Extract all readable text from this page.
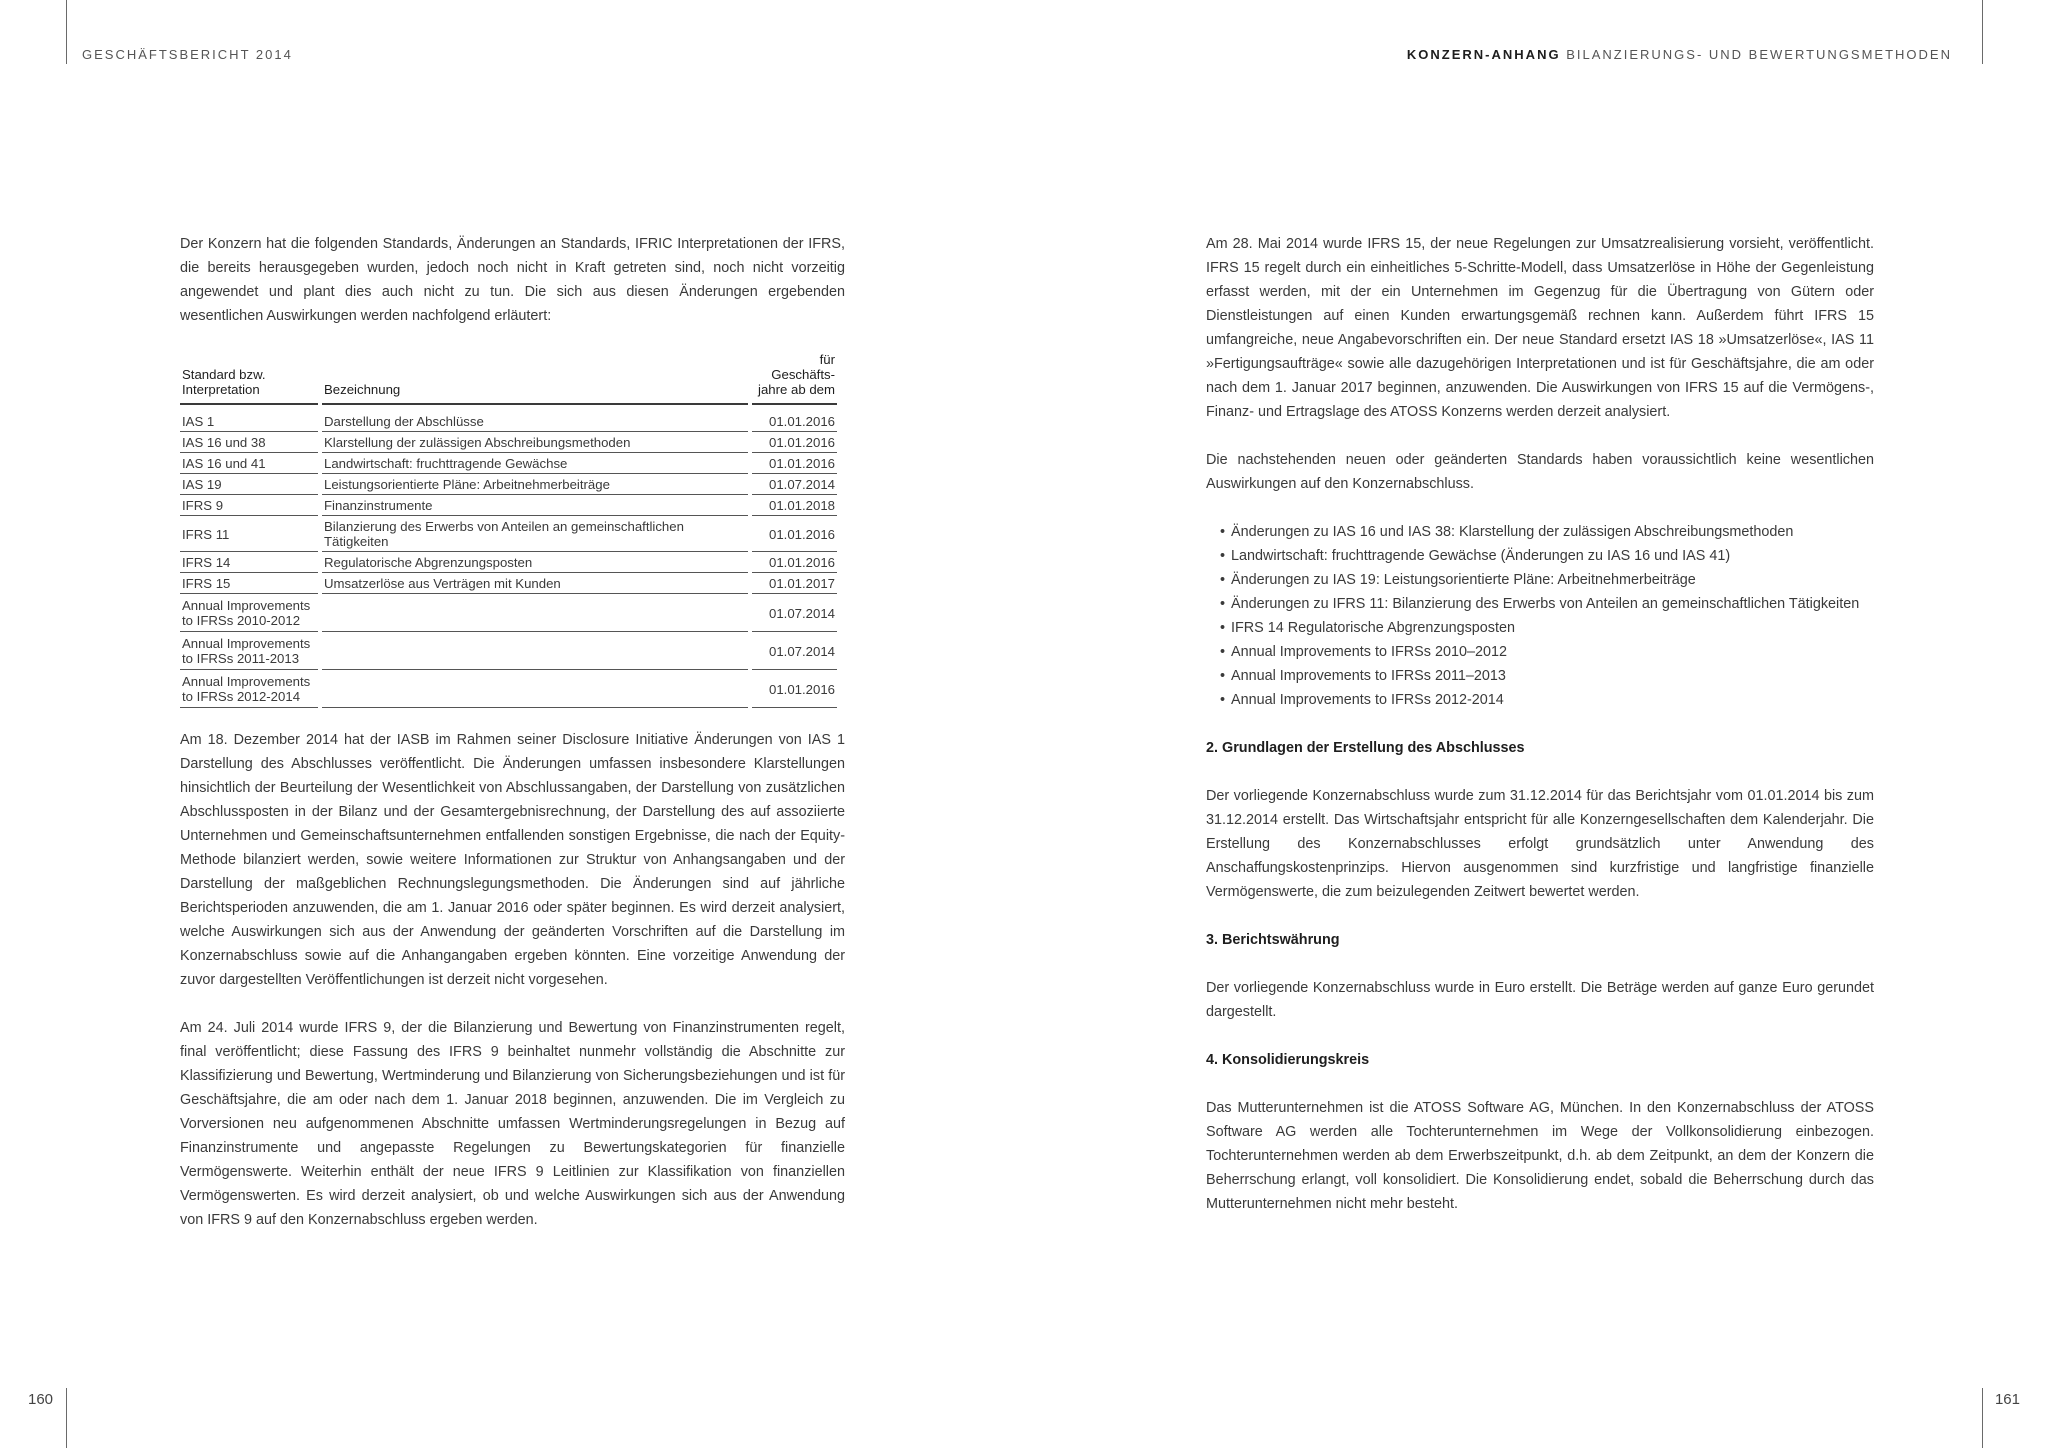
GESCHÄFTSBERICHT 2014

Der Konzern hat die folgenden Standards, Änderungen an Standards, IFRIC Interpretationen der IFRS, die bereits herausgegeben wurden, jedoch noch nicht in Kraft getreten sind, noch nicht vorzeitig angewendet und plant dies auch nicht zu tun. Die sich aus diesen Änderungen ergebenden wesentlichen Auswirkungen werden nachfolgend erläutert:

Standard bzw.
Interpretation	Bezeichnung	für Geschäfts-
jahre ab dem

IAS 1	Darstellung der Abschlüsse	01.01.2016
IAS 16 und 38	Klarstellung der zulässigen Abschreibungsmethoden	01.01.2016
IAS 16 und 41	Landwirtschaft: fruchttragende Gewächse	01.01.2016
IAS 19	Leistungsorientierte Pläne: Arbeitnehmerbeiträge	01.07.2014
IFRS 9	Finanzinstrumente	01.01.2018
IFRS 11	Bilanzierung des Erwerbs von Anteilen an gemeinschaftlichen Tätigkeiten	01.01.2016
IFRS 14	Regulatorische Abgrenzungsposten	01.01.2016
IFRS 15	Umsatzerlöse aus Verträgen mit Kunden	01.01.2017
Annual Improvements
to IFRSs 2010-2012		01.07.2014
Annual Improvements
to IFRSs 2011-2013		01.07.2014
Annual Improvements
to IFRSs 2012-2014		01.01.2016

Am 18. Dezember 2014 hat der IASB im Rahmen seiner Disclosure Initiative Änderungen von IAS 1 Darstellung des Abschlusses veröffentlicht. Die Änderungen umfassen insbesondere Klarstellungen hinsichtlich der Beurteilung der Wesentlichkeit von Abschlussangaben, der Darstellung von zusätzlichen Abschlussposten in der Bilanz und der Gesamtergebnisrechnung, der Darstellung des auf assoziierte Unternehmen und Gemeinschaftsunternehmen entfallenden sonstigen Ergebnisse, die nach der Equity-Methode bilanziert werden, sowie weitere Informationen zur Struktur von Anhangsangaben und der Darstellung der maßgeblichen Rechnungslegungsmethoden. Die Änderungen sind auf jährliche Berichtsperioden anzuwenden, die am 1. Januar 2016 oder später beginnen. Es wird derzeit analysiert, welche Auswirkungen sich aus der Anwendung der geänderten Vorschriften auf die Darstellung im Konzernabschluss sowie auf die Anhangangaben ergeben könnten. Eine vorzeitige Anwendung der zuvor dargestellten Veröffentlichungen ist derzeit nicht vorgesehen.

Am 24. Juli 2014 wurde IFRS 9, der die Bilanzierung und Bewertung von Finanzinstrumenten regelt, final veröffentlicht; diese Fassung des IFRS 9 beinhaltet nunmehr vollständig die Abschnitte zur Klassifizierung und Bewertung, Wertminderung und Bilanzierung von Sicherungsbeziehungen und ist für Geschäftsjahre, die am oder nach dem 1. Januar 2018 beginnen, anzuwenden. Die im Vergleich zu Vorversionen neu aufgenommenen Abschnitte umfassen Wertminderungsregelungen in Bezug auf Finanzinstrumente und angepasste Regelungen zu Bewertungskategorien für finanzielle Vermögenswerte. Weiterhin enthält der neue IFRS 9 Leitlinien zur Klassifikation von finanziellen Vermögenswerten. Es wird derzeit analysiert, ob und welche Auswirkungen sich aus der Anwendung von IFRS 9 auf den Konzernabschluss ergeben werden.

160
KONZERN-ANHANG BILANZIERUNGS- UND BEWERTUNGSMETHODEN

Am 28. Mai 2014 wurde IFRS 15, der neue Regelungen zur Umsatzrealisierung vorsieht, veröffentlicht. IFRS 15 regelt durch ein einheitliches 5-Schritte-Modell, dass Umsatzerlöse in Höhe der Gegenleistung erfasst werden, mit der ein Unternehmen im Gegenzug für die Übertragung von Gütern oder Dienstleistungen auf einen Kunden erwartungsgemäß rechnen kann. Außerdem führt IFRS 15 umfangreiche, neue Angabevorschriften ein. Der neue Standard ersetzt IAS 18 »Umsatzerlöse«, IAS 11 »Fertigungsaufträge« sowie alle dazugehörigen Interpretationen und ist für Geschäftsjahre, die am oder nach dem 1. Januar 2017 beginnen, anzuwenden. Die Auswirkungen von IFRS 15 auf die Vermögens-, Finanz- und Ertragslage des ATOSS Konzerns werden derzeit analysiert.

Die nachstehenden neuen oder geänderten Standards haben voraussichtlich keine wesentlichen Auswirkungen auf den Konzernabschluss.

• Änderungen zu IAS 16 und IAS 38: Klarstellung der zulässigen Abschreibungsmethoden
• Landwirtschaft: fruchttragende Gewächse (Änderungen zu IAS 16 und IAS 41)
• Änderungen zu IAS 19: Leistungsorientierte Pläne: Arbeitnehmerbeiträge
• Änderungen zu IFRS 11: Bilanzierung des Erwerbs von Anteilen an gemeinschaftlichen Tätigkeiten
• IFRS 14 Regulatorische Abgrenzungsposten
• Annual Improvements to IFRSs 2010–2012
• Annual Improvements to IFRSs 2011–2013
• Annual Improvements to IFRSs 2012-2014
2. Grundlagen der Erstellung des Abschlusses

Der vorliegende Konzernabschluss wurde zum 31.12.2014 für das Berichtsjahr vom 01.01.2014 bis zum 31.12.2014 erstellt. Das Wirtschaftsjahr entspricht für alle Konzerngesellschaften dem Kalenderjahr. Die Erstellung des Konzernabschlusses erfolgt grundsätzlich unter Anwendung des Anschaffungskostenprinzips. Hiervon ausgenommen sind kurzfristige und langfristige finanzielle Vermögenswerte, die zum beizulegenden Zeitwert bewertet werden.

3. Berichtswährung

Der vorliegende Konzernabschluss wurde in Euro erstellt. Die Beträge werden auf ganze Euro gerundet dargestellt.

4. Konsolidierungskreis

Das Mutterunternehmen ist die ATOSS Software AG, München. In den Konzernabschluss der ATOSS Software AG werden alle Tochterunternehmen im Wege der Vollkonsolidierung einbezogen. Tochterunternehmen werden ab dem Erwerbszeitpunkt, d.h. ab dem Zeitpunkt, an dem der Konzern die Beherrschung erlangt, voll konsolidiert. Die Konsolidierung endet, sobald die Beherrschung durch das Mutterunternehmen nicht mehr besteht.

161
